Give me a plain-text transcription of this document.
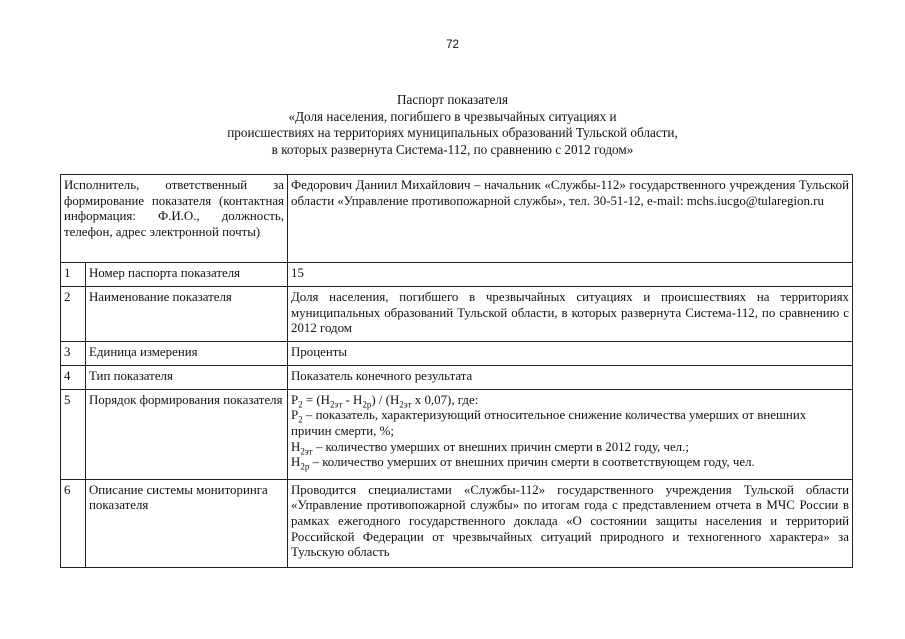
72
Паспорт показателя
«Доля населения, погибшего в чрезвычайных ситуациях и
происшествиях на территориях муниципальных образований Тульской области,
в которых развернута Система-112, по сравнению с 2012 годом»
Исполнитель, ответственный за формирование показателя (контактная информация: Ф.И.О., должность, телефон, адрес электронной почты)		Федорович Даниил Михайлович – начальник «Службы-112» государственного учреждения Тульской области «Управление противопожарной службы», тел. 30-51-12, e-mail: mchs.iucgo@tularegion.ru
1	Номер паспорта показателя	15
2	Наименование показателя	Доля населения, погибшего в чрезвычайных ситуациях и происшествиях на территориях муниципальных образований Тульской области, в которых развернута Система-112, по сравнению с 2012 годом
3	Единица измерения	Проценты
4	Тип показателя	Показатель конечного результата
5	Порядок формирования показателя	$Р_2 = (Н_{2эт} - Н_{2р}) / (Н_{2эт}$ х 0,07), где:
$Р_2$ – показатель, характеризующий относительное снижение количества умерших от внешних причин смерти, %;
$Н_{2эт}$ – количество умерших от внешних причин смерти в 2012 году, чел.;
$Н_{2р}$ – количество умерших от внешних причин смерти в соответствующем году, чел.

6	Описание системы мониторинга показателя	Проводится специалистами «Службы-112» государственного учреждения Тульской области «Управление противопожарной службы» по итогам года с представлением отчета в МЧС России в рамках ежегодного государственного доклада «О состоянии защиты населения и территорий Российской Федерации от чрезвычайных ситуаций природного и техногенного характера» за Тульскую область
